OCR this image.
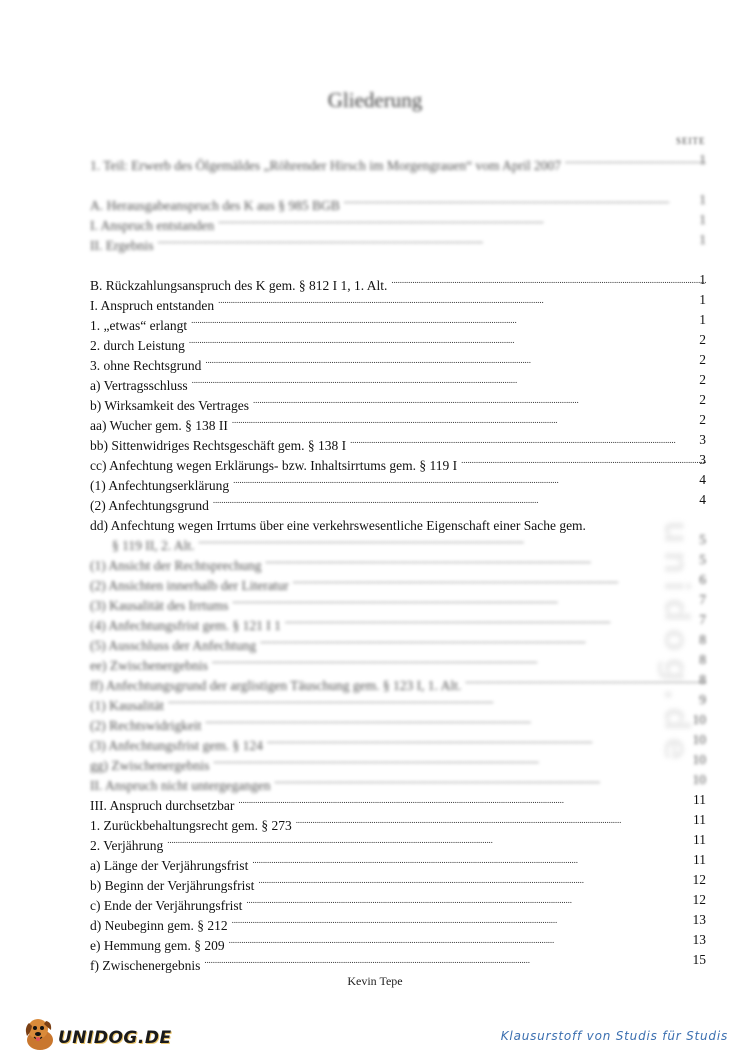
Gliederung
SEITE
unidog.de
1. Teil: Erwerb des Ölgemäldes „Röhrender Hirsch im Morgengrauen“ vom April 2007 . . .	1
A. Herausgabeanspruch des K aus § 985 BGB . . .	1
I. Anspruch entstanden . . .	1
II. Ergebnis . . .	1
B. Rückzahlungsanspruch des K gem. § 812 I 1, 1. Alt. . . .	1
I. Anspruch entstanden . . .	1
1. „etwas“ erlangt . . .	1
2. durch Leistung . . .	2
3. ohne Rechtsgrund . . .	2
a) Vertragsschluss . . .	2
b) Wirksamkeit des Vertrages . . .	2
aa) Wucher gem. § 138 II . . .	2
bb) Sittenwidriges Rechtsgeschäft gem. § 138 I . . .	3
cc) Anfechtung wegen Erklärungs- bzw. Inhaltsirrtums gem. § 119 I . . .	3
(1) Anfechtungserklärung . . .	4
(2) Anfechtungsgrund . . .	4
dd) Anfechtung wegen Irrtums über eine verkehrswesentliche Eigenschaft einer Sache gem.
§ 119 II, 2. Alt. . . .	5
(1) Ansicht der Rechtsprechung . . .	5
(2) Ansichten innerhalb der Literatur . . .	6
(3) Kausalität des Irrtums . . .	7
(4) Anfechtungsfrist gem. § 121 I 1 . . .	7
(5) Ausschluss der Anfechtung . . .	8
ee) Zwischenergebnis . . .	8
ff) Anfechtungsgrund der arglistigen Täuschung gem. § 123 I, 1. Alt. . . .	8
(1) Kausalität . . .	9
(2) Rechtswidrigkeit . . .	10
(3) Anfechtungsfrist gem. § 124 . . .	10
gg) Zwischenergebnis . . .	10
II. Anspruch nicht untergegangen . . .	10
III. Anspruch durchsetzbar . . .	11
1. Zurückbehaltungsrecht gem. § 273 . . .	11
2. Verjährung . . .	11
a) Länge der Verjährungsfrist . . .	11
b) Beginn der Verjährungsfrist . . .	12
c) Ende der Verjährungsfrist . . .	12
d) Neubeginn gem. § 212 . . .	13
e) Hemmung gem. § 209 . . .	13
f) Zwischenergebnis . . .	15
Kevin Tepe
UNIDOG.DE	Klausurstoff von Studis für Studis
